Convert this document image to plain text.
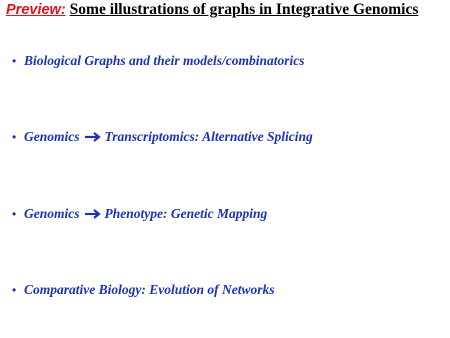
Preview: Some illustrations of graphs in Integrative Genomics
• Biological Graphs and their models/combinatorics
• Genomics Transcriptomics: Alternative Splicing
• Genomics Phenotype: Genetic Mapping
• Comparative Biology: Evolution of Networks
